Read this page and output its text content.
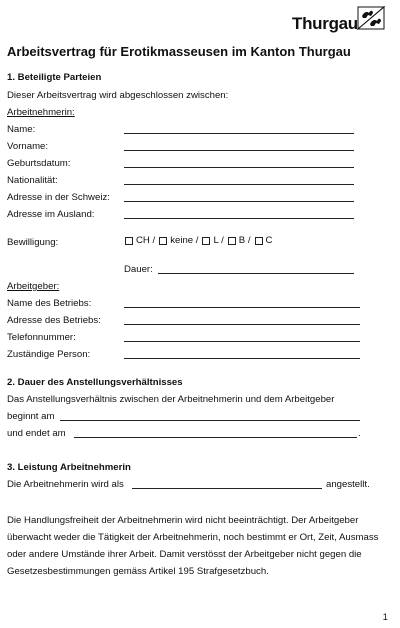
Thurgau
Arbeitsvertrag für Erotikmasseusen im Kanton Thurgau
1. Beteiligte Parteien
Dieser Arbeitsvertrag wird abgeschlossen zwischen:
Arbeitnehmerin:
Name:
Vorname:
Geburtsdatum:
Nationalität:
Adresse in der Schweiz:
Adresse im Ausland:
Bewilligung:	CH / keine / L / B / C
Dauer:
Arbeitgeber:
Name des Betriebs:
Adresse des Betriebs:
Telefonnummer:
Zuständige Person:
2. Dauer des Anstellungsverhältnisses
Das Anstellungsverhältnis zwischen der Arbeitnehmerin und dem Arbeitgeber
beginnt am
und endet am	.
3. Leistung Arbeitnehmerin
Die Arbeitnehmerin wird als	angestellt.
Die Handlungsfreiheit der Arbeitnehmerin wird nicht beeinträchtigt. Der Arbeitgeber
überwacht weder die Tätigkeit der Arbeitnehmerin, noch bestimmt er Ort, Zeit, Ausmass
oder andere Umstände ihrer Arbeit. Damit verstösst der Arbeitgeber nicht gegen die
Gesetzesbestimmungen gemäss Artikel 195 Strafgesetzbuch.
1
